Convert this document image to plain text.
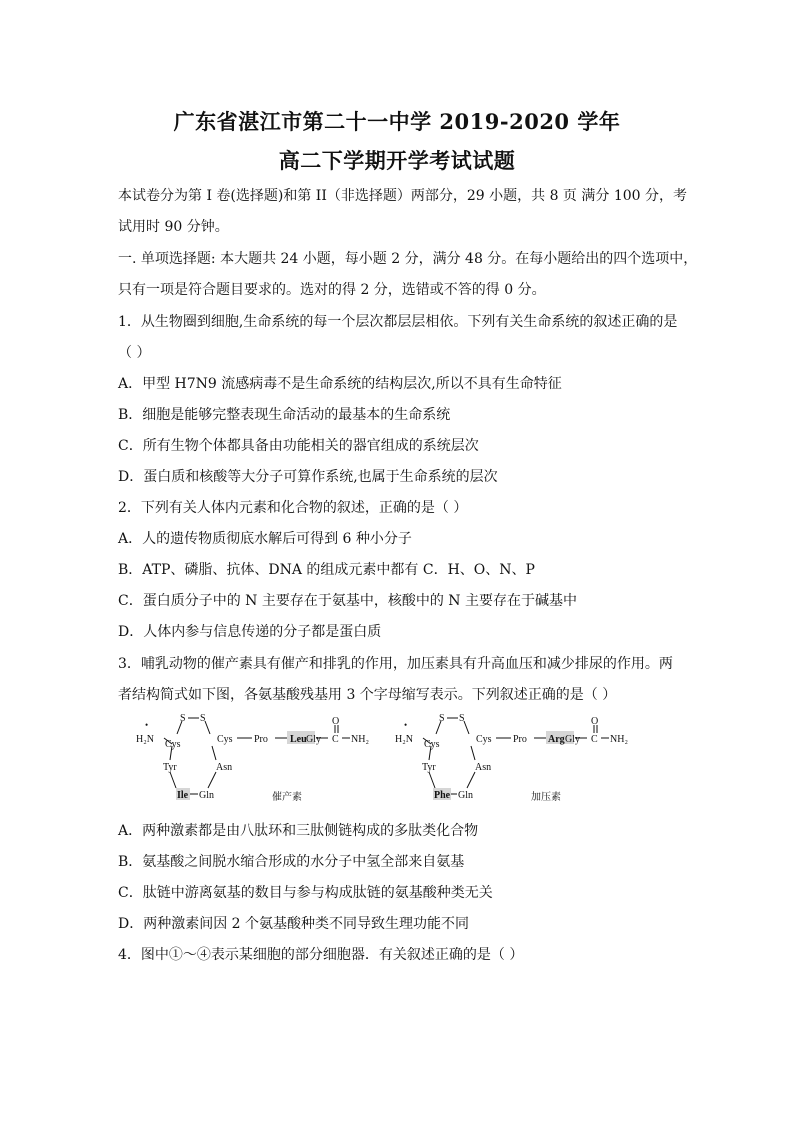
广东省湛江市第二十一中学 2019-2020 学年
高二下学期开学考试试题
本试卷分为第 I 卷(选择题)和第 II（非选择题）两部分，29 小题，共 8 页 满分 100 分，考
试用时 90 分钟。
一. 单项选择题: 本大题共 24 小题，每小题 2 分，满分 48 分。在每小题给出的四个选项中，
只有一项是符合题目要求的。选对的得 2 分，选错或不答的得 0 分。
1．从生物圈到细胞,生命系统的每一个层次都层层相依。下列有关生命系统的叙述正确的是
（ ）
A．甲型 H7N9 流感病毒不是生命系统的结构层次,所以不具有生命特征
B．细胞是能够完整表现生命活动的最基本的生命系统
C．所有生物个体都具备由功能相关的器官组成的系统层次
D．蛋白质和核酸等大分子可算作系统,也属于生命系统的层次
2．下列有关人体内元素和化合物的叙述，正确的是（ ）
A．人的遗传物质彻底水解后可得到 6 种小分子
B．ATP、磷脂、抗体、DNA 的组成元素中都有 C．H、O、N、P
C．蛋白质分子中的 N 主要存在于氨基中，核酸中的 N 主要存在于碱基中
D．人体内参与信息传递的分子都是蛋白质
3．哺乳动物的催产素具有催产和排乳的作用，加压素具有升高血压和减少排尿的作用。两
者结构简式如下图，各氨基酸残基用 3 个字母缩写表示。下列叙述正确的是（ ）
H₂N
•
S S
Cys	Cys Pro Leu Gly C
O
NH₂
Tyr	Asn
Ile Gln	催产素
H₂N
•
S S
Cys	Cys Pro Arg Gly C
O
NH₂
Tyr	Asn
Phe Gln	加压素
A．两种激素都是由八肽环和三肽侧链构成的多肽类化合物
B．氨基酸之间脱水缩合形成的水分子中氢全部来自氨基
C．肽链中游离氨基的数目与参与构成肽链的氨基酸种类无关
D．两种激素间因 2 个氨基酸种类不同导致生理功能不同
4．图中①～④表示某细胞的部分细胞器．有关叙述正确的是（ ）
